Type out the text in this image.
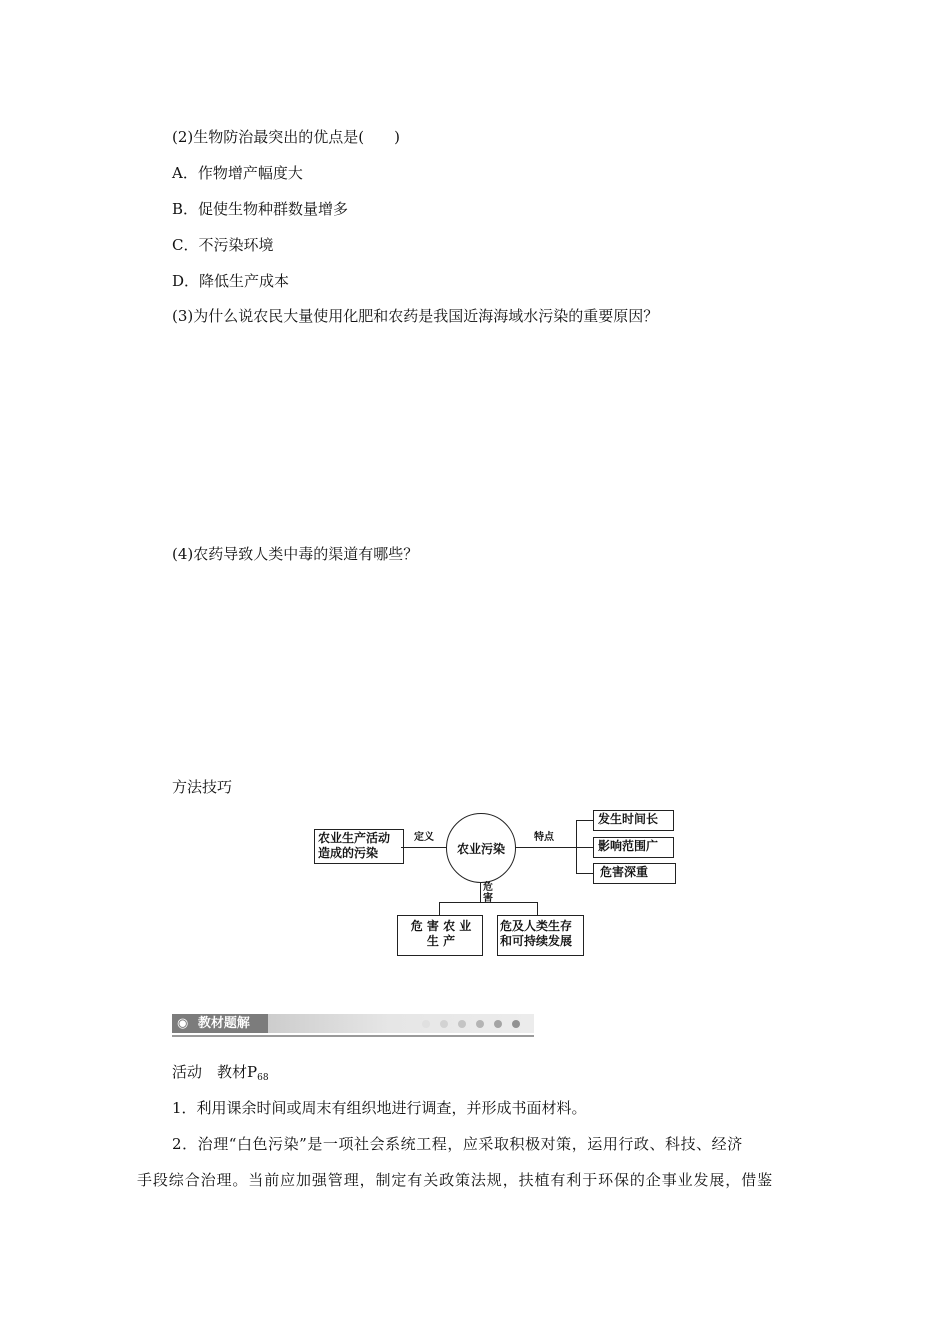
(2)生物防治最突出的优点是(　　)
A．作物增产幅度大
B．促使生物种群数量增多
C．不污染环境
D．降低生产成本
(3)为什么说农民大量使用化肥和农药是我国近海海域水污染的重要原因？
(4)农药导致人类中毒的渠道有哪些？
方法技巧
农业生产活动
造成的污染
定义
农业污染
特点
发生时间长
影响范围广
危害深重
危
害
危 害 农 业
生 产
危及人类生存
和可持续发展
◉ 教材题解
活动　教材$P_{68}$
1．利用课余时间或周末有组织地进行调查，并形成书面材料。
2．治理“白色污染”是一项社会系统工程，应采取积极对策，运用行政、科技、经济
手段综合治理。当前应加强管理，制定有关政策法规，扶植有利于环保的企事业发展，借鉴
